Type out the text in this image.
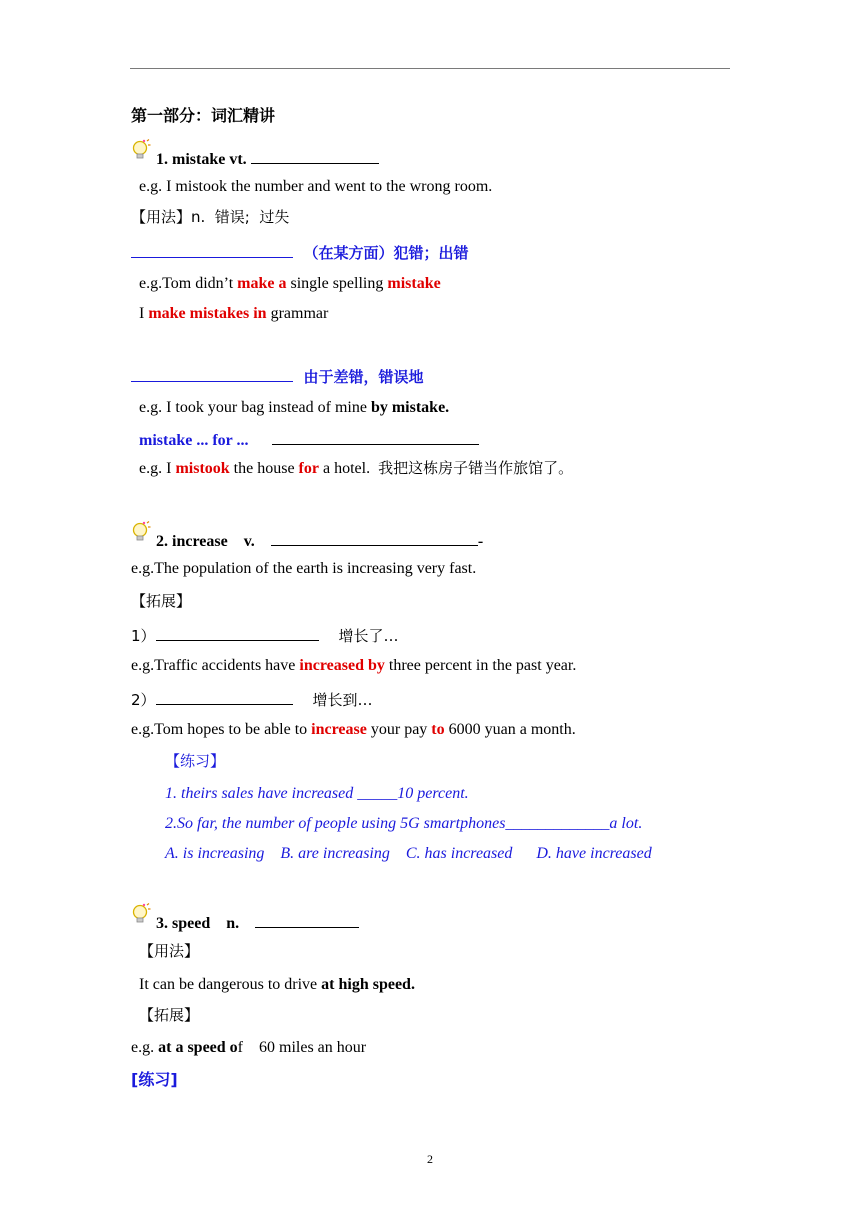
第一部分：词汇精讲
1. mistake vt.
e.g. I mistook the number and went to the wrong room.
【用法】n.  错误;  过失
（在某方面）犯错；出错
e.g.Tom didn’t make a single spelling mistake
I make mistakes in grammar
由于差错，错误地
e.g. I took your bag instead of mine by mistake.
mistake ... for ...
e.g. I mistook the house for a hotel.  我把这栋房子错当作旅馆了。
2. increase    v.	-
e.g.The population of the earth is increasing very fast.
【拓展】
1）	增长了…
e.g.Traffic accidents have increased by three percent in the past year.
2）	增长到…
e.g.Tom hopes to be able to increase your pay to 6000 yuan a month.
【练习】
1. theirs sales have increased _____10 percent.
2.So far, the number of people using 5G smartphones_____________a lot.
A. is increasing    B. are increasing    C. has increased      D. have increased
3. speed    n.
【用法】
It can be dangerous to drive at high speed.
【拓展】
e.g. at a speed of    60 miles an hour
[练习]
2
